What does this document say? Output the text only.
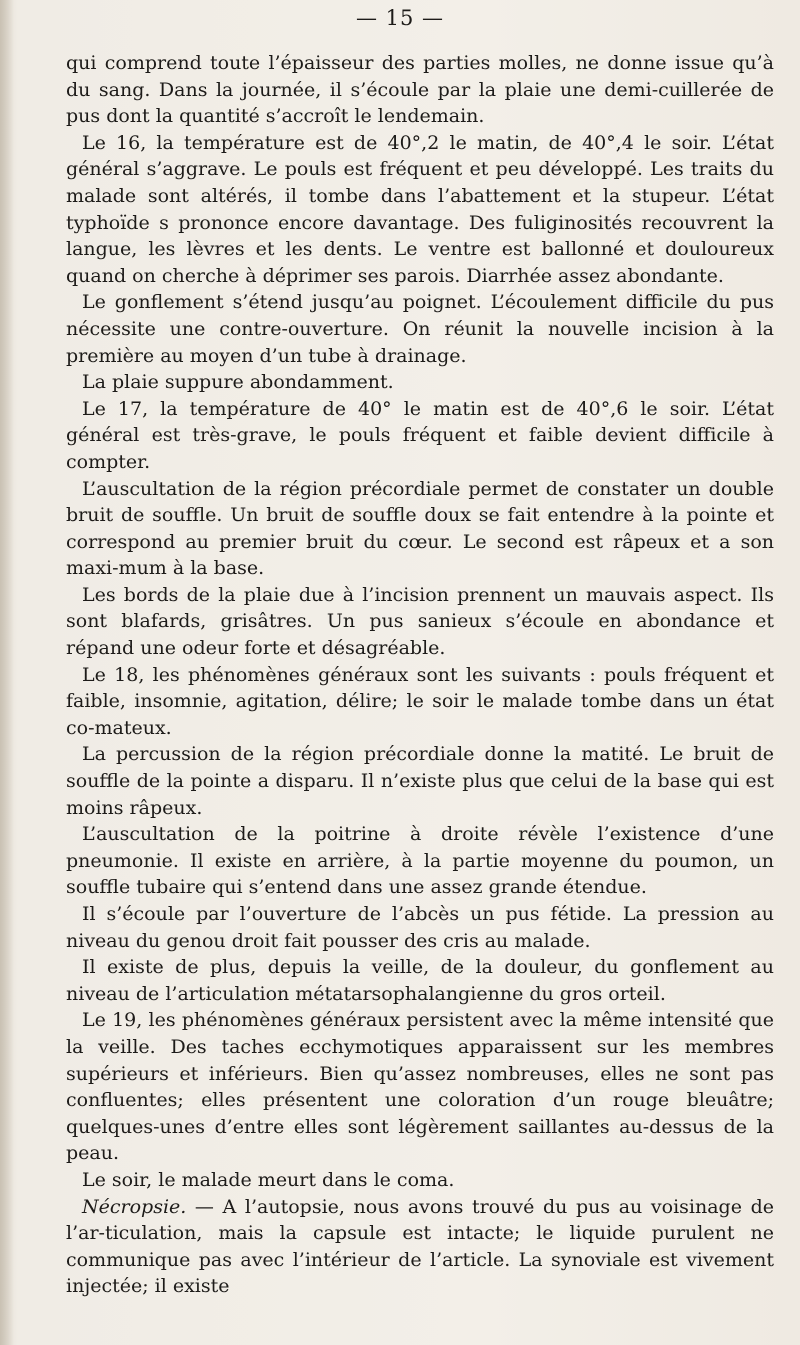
— 15 —

qui comprend toute l’épaisseur des parties molles, ne donne issue qu’à du sang. Dans la journée, il s’écoule par la plaie une demi-cuillerée de pus dont la quantité s’accroît le lendemain.

Le 16, la température est de 40°,2 le matin, de 40°,4 le soir. L’état général s’aggrave. Le pouls est fréquent et peu développé. Les traits du malade sont altérés, il tombe dans l’abattement et la stupeur. L’état typhoïde s prononce encore davantage. Des fuliginosités recouvrent la langue, les lèvres et les dents. Le ventre est ballonné et douloureux quand on cherche à déprimer ses parois. Diarrhée assez abondante.

Le gonflement s’étend jusqu’au poignet. L’écoulement difficile du pus nécessite une contre-ouverture. On réunit la nouvelle incision à la première au moyen d’un tube à drainage.

La plaie suppure abondamment.

Le 17, la température de 40° le matin est de 40°,6 le soir. L’état général est très-grave, le pouls fréquent et faible devient difficile à compter.

L’auscultation de la région précordiale permet de constater un double bruit de souffle. Un bruit de souffle doux se fait entendre à la pointe et correspond au premier bruit du cœur. Le second est râpeux et a son maxi-mum à la base.

Les bords de la plaie due à l’incision prennent un mauvais aspect. Ils sont blafards, grisâtres. Un pus sanieux s’écoule en abondance et répand une odeur forte et désagréable.

Le 18, les phénomènes généraux sont les suivants : pouls fréquent et faible, insomnie, agitation, délire; le soir le malade tombe dans un état co-mateux.

La percussion de la région précordiale donne la matité. Le bruit de souffle de la pointe a disparu. Il n’existe plus que celui de la base qui est moins râpeux.

L’auscultation de la poitrine à droite révèle l’existence d’une pneumonie. Il existe en arrière, à la partie moyenne du poumon, un souffle tubaire qui s’entend dans une assez grande étendue.

Il s’écoule par l’ouverture de l’abcès un pus fétide. La pression au niveau du genou droit fait pousser des cris au malade.

Il existe de plus, depuis la veille, de la douleur, du gonflement au niveau de l’articulation métatarsophalangienne du gros orteil.

Le 19, les phénomènes généraux persistent avec la même intensité que la veille. Des taches ecchymotiques apparaissent sur les membres supérieurs et inférieurs. Bien qu’assez nombreuses, elles ne sont pas confluentes; elles présentent une coloration d’un rouge bleuâtre; quelques-unes d’entre elles sont légèrement saillantes au-dessus de la peau.

Le soir, le malade meurt dans le coma.

Nécropsie. — A l’autopsie, nous avons trouvé du pus au voisinage de l’ar-ticulation, mais la capsule est intacte; le liquide purulent ne communique pas avec l’intérieur de l’article. La synoviale est vivement injectée; il existe
